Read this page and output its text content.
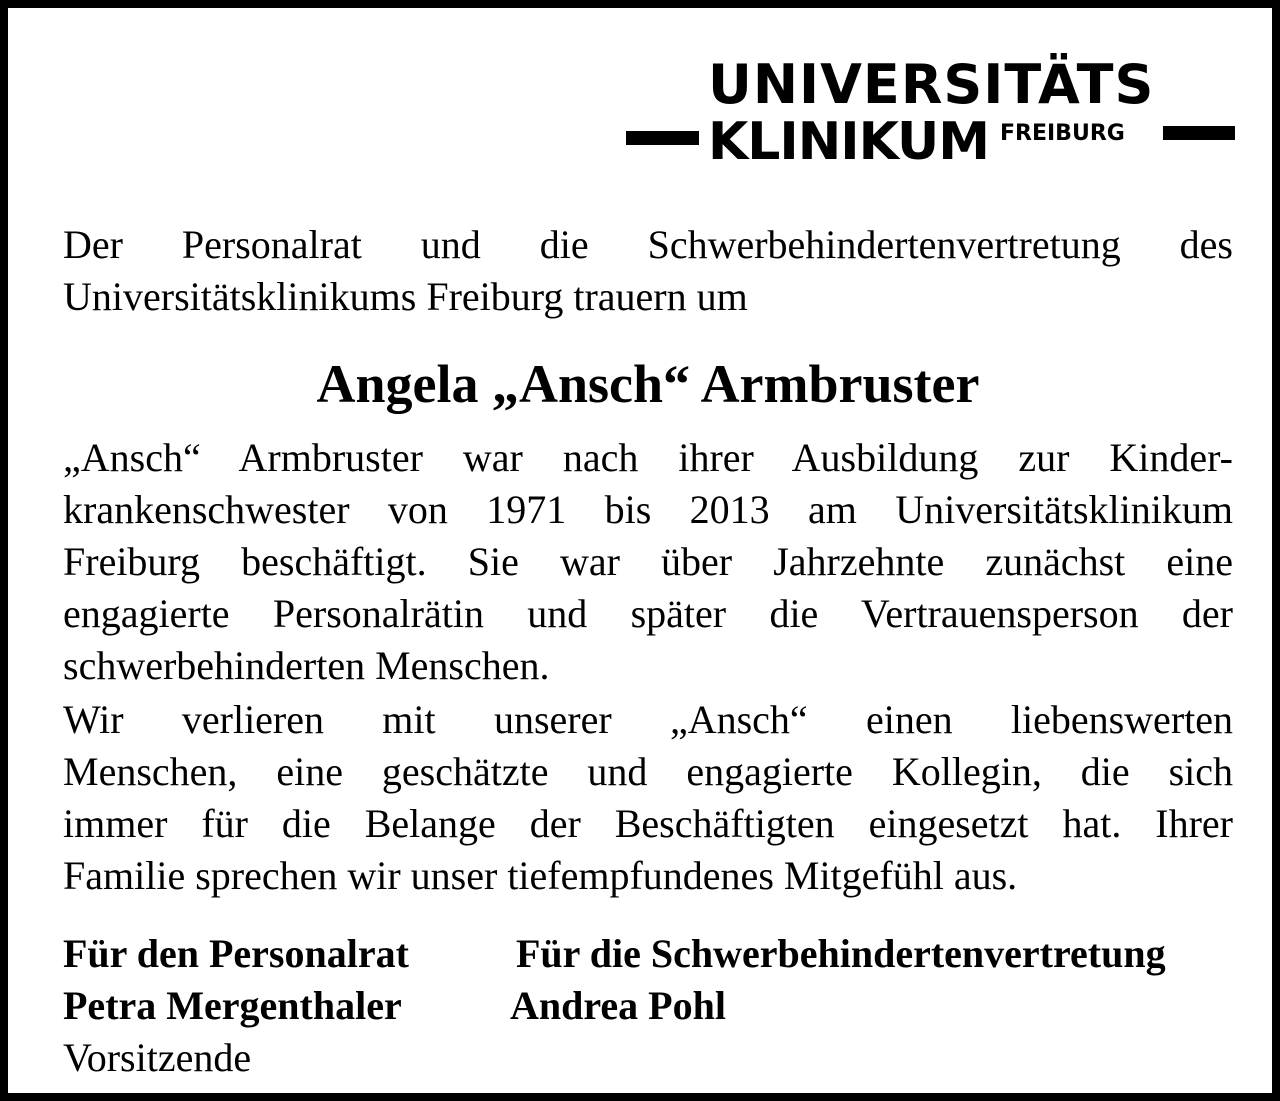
UNIVERSITÄTS
KLINIKUM FREIBURG
Der Personalrat und die Schwerbehindertenvertretung des
Universitätsklinikums Freiburg trauern um
Angela „Ansch“ Armbruster
„Ansch“ Armbruster war nach ihrer Ausbildung zur Kinder-
krankenschwester von 1971 bis 2013 am Universitätsklinikum
Freiburg beschäftigt. Sie war über Jahrzehnte zunächst eine
engagierte Personalrätin und später die Vertrauensperson der
schwerbehinderten Menschen.
Wir verlieren mit unserer „Ansch“ einen liebenswerten
Menschen, eine geschätzte und engagierte Kollegin, die sich
immer für die Belange der Beschäftigten eingesetzt hat. Ihrer
Familie sprechen wir unser tiefempfundenes Mitgefühl aus.
Für den Personalrat
Petra Mergenthaler
Vorsitzende
Für die Schwerbehindertenvertretung
Andrea Pohl
